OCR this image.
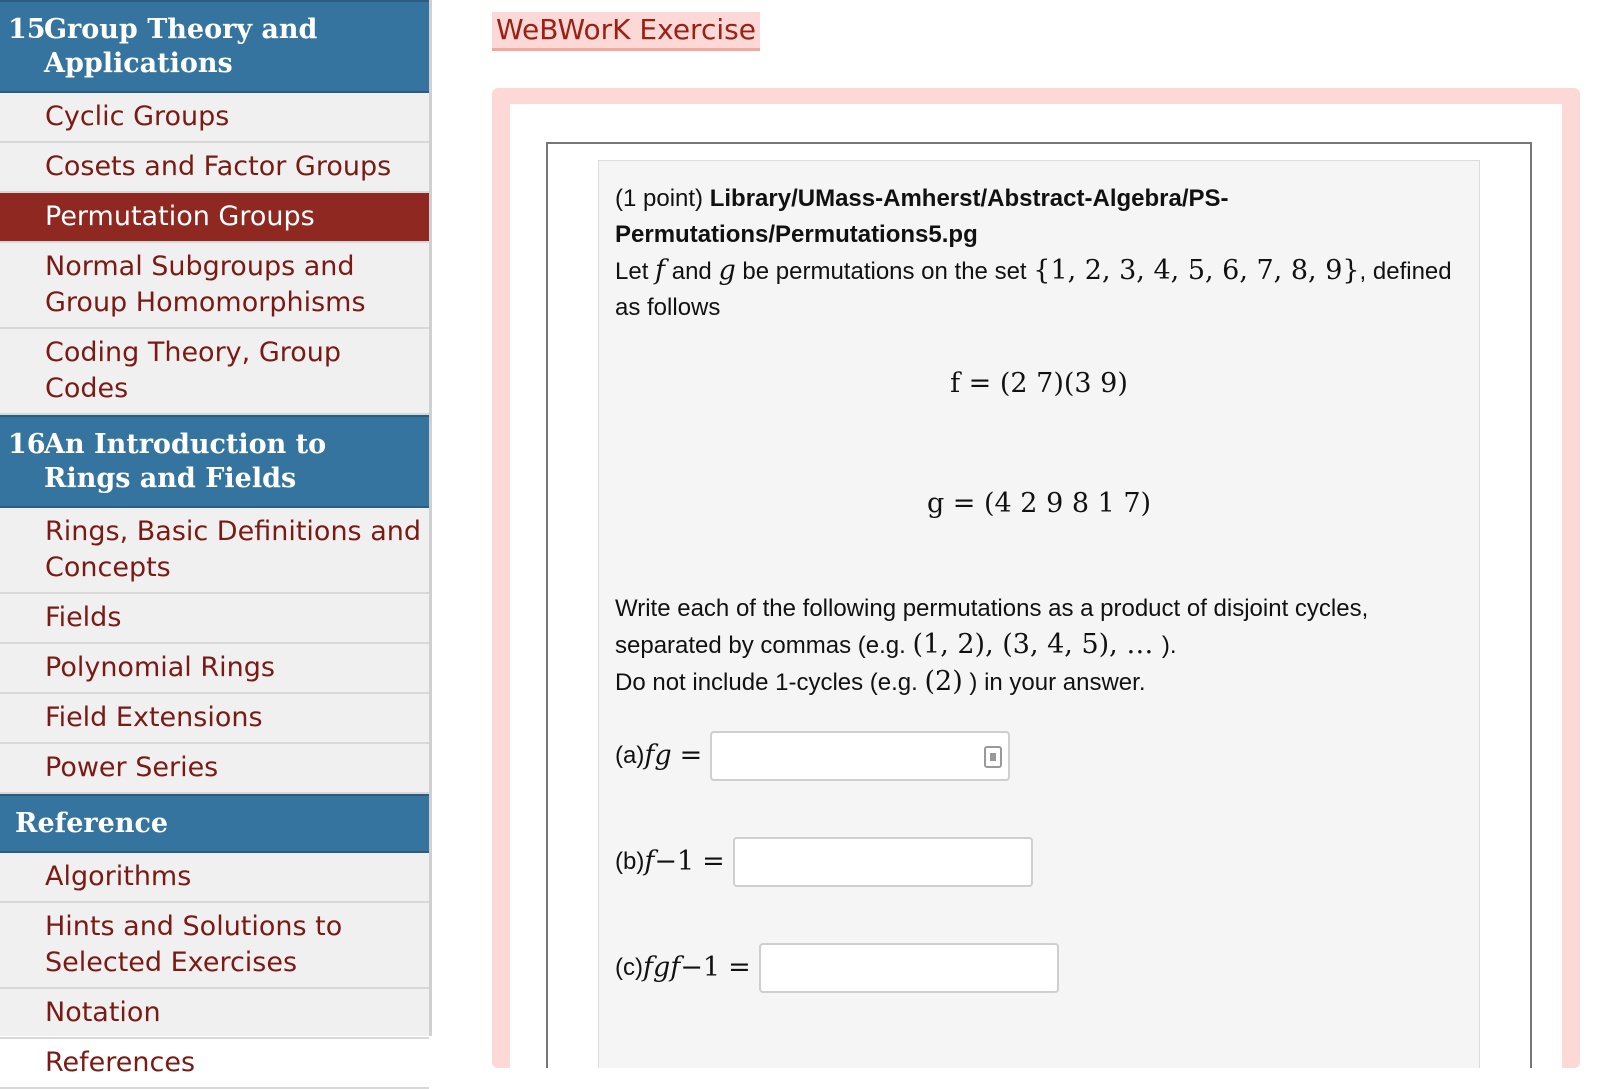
15
Group Theory and Applications
Cyclic Groups
Cosets and Factor Groups
Permutation Groups
Normal Subgroups and Group Homomorphisms
Coding Theory, Group Codes
16
An Introduction to Rings and Fields
Rings, Basic Definitions and Concepts
Fields
Polynomial Rings
Field Extensions
Power Series
Reference
Algorithms
Hints and Solutions to Selected Exercises
Notation
References
WeBWorK Exercise
(1 point) Library/UMass-Amherst/Abstract-Algebra/PS-Permutations/Permutations5.pg
Let f and g be permutations on the set {1, 2, 3, 4, 5, 6, 7, 8, 9}, defined as follows
f = (2 7)(3 9)
g = (4 2 9 8 1 7)
Write each of the following permutations as a product of disjoint cycles, separated by commas (e.g. (1, 2), (3, 4, 5), … ).
Do not include 1-cycles (e.g. (2) ) in your answer.
(a) fg =
(b) f −1 =
(c) fgf −1 =
